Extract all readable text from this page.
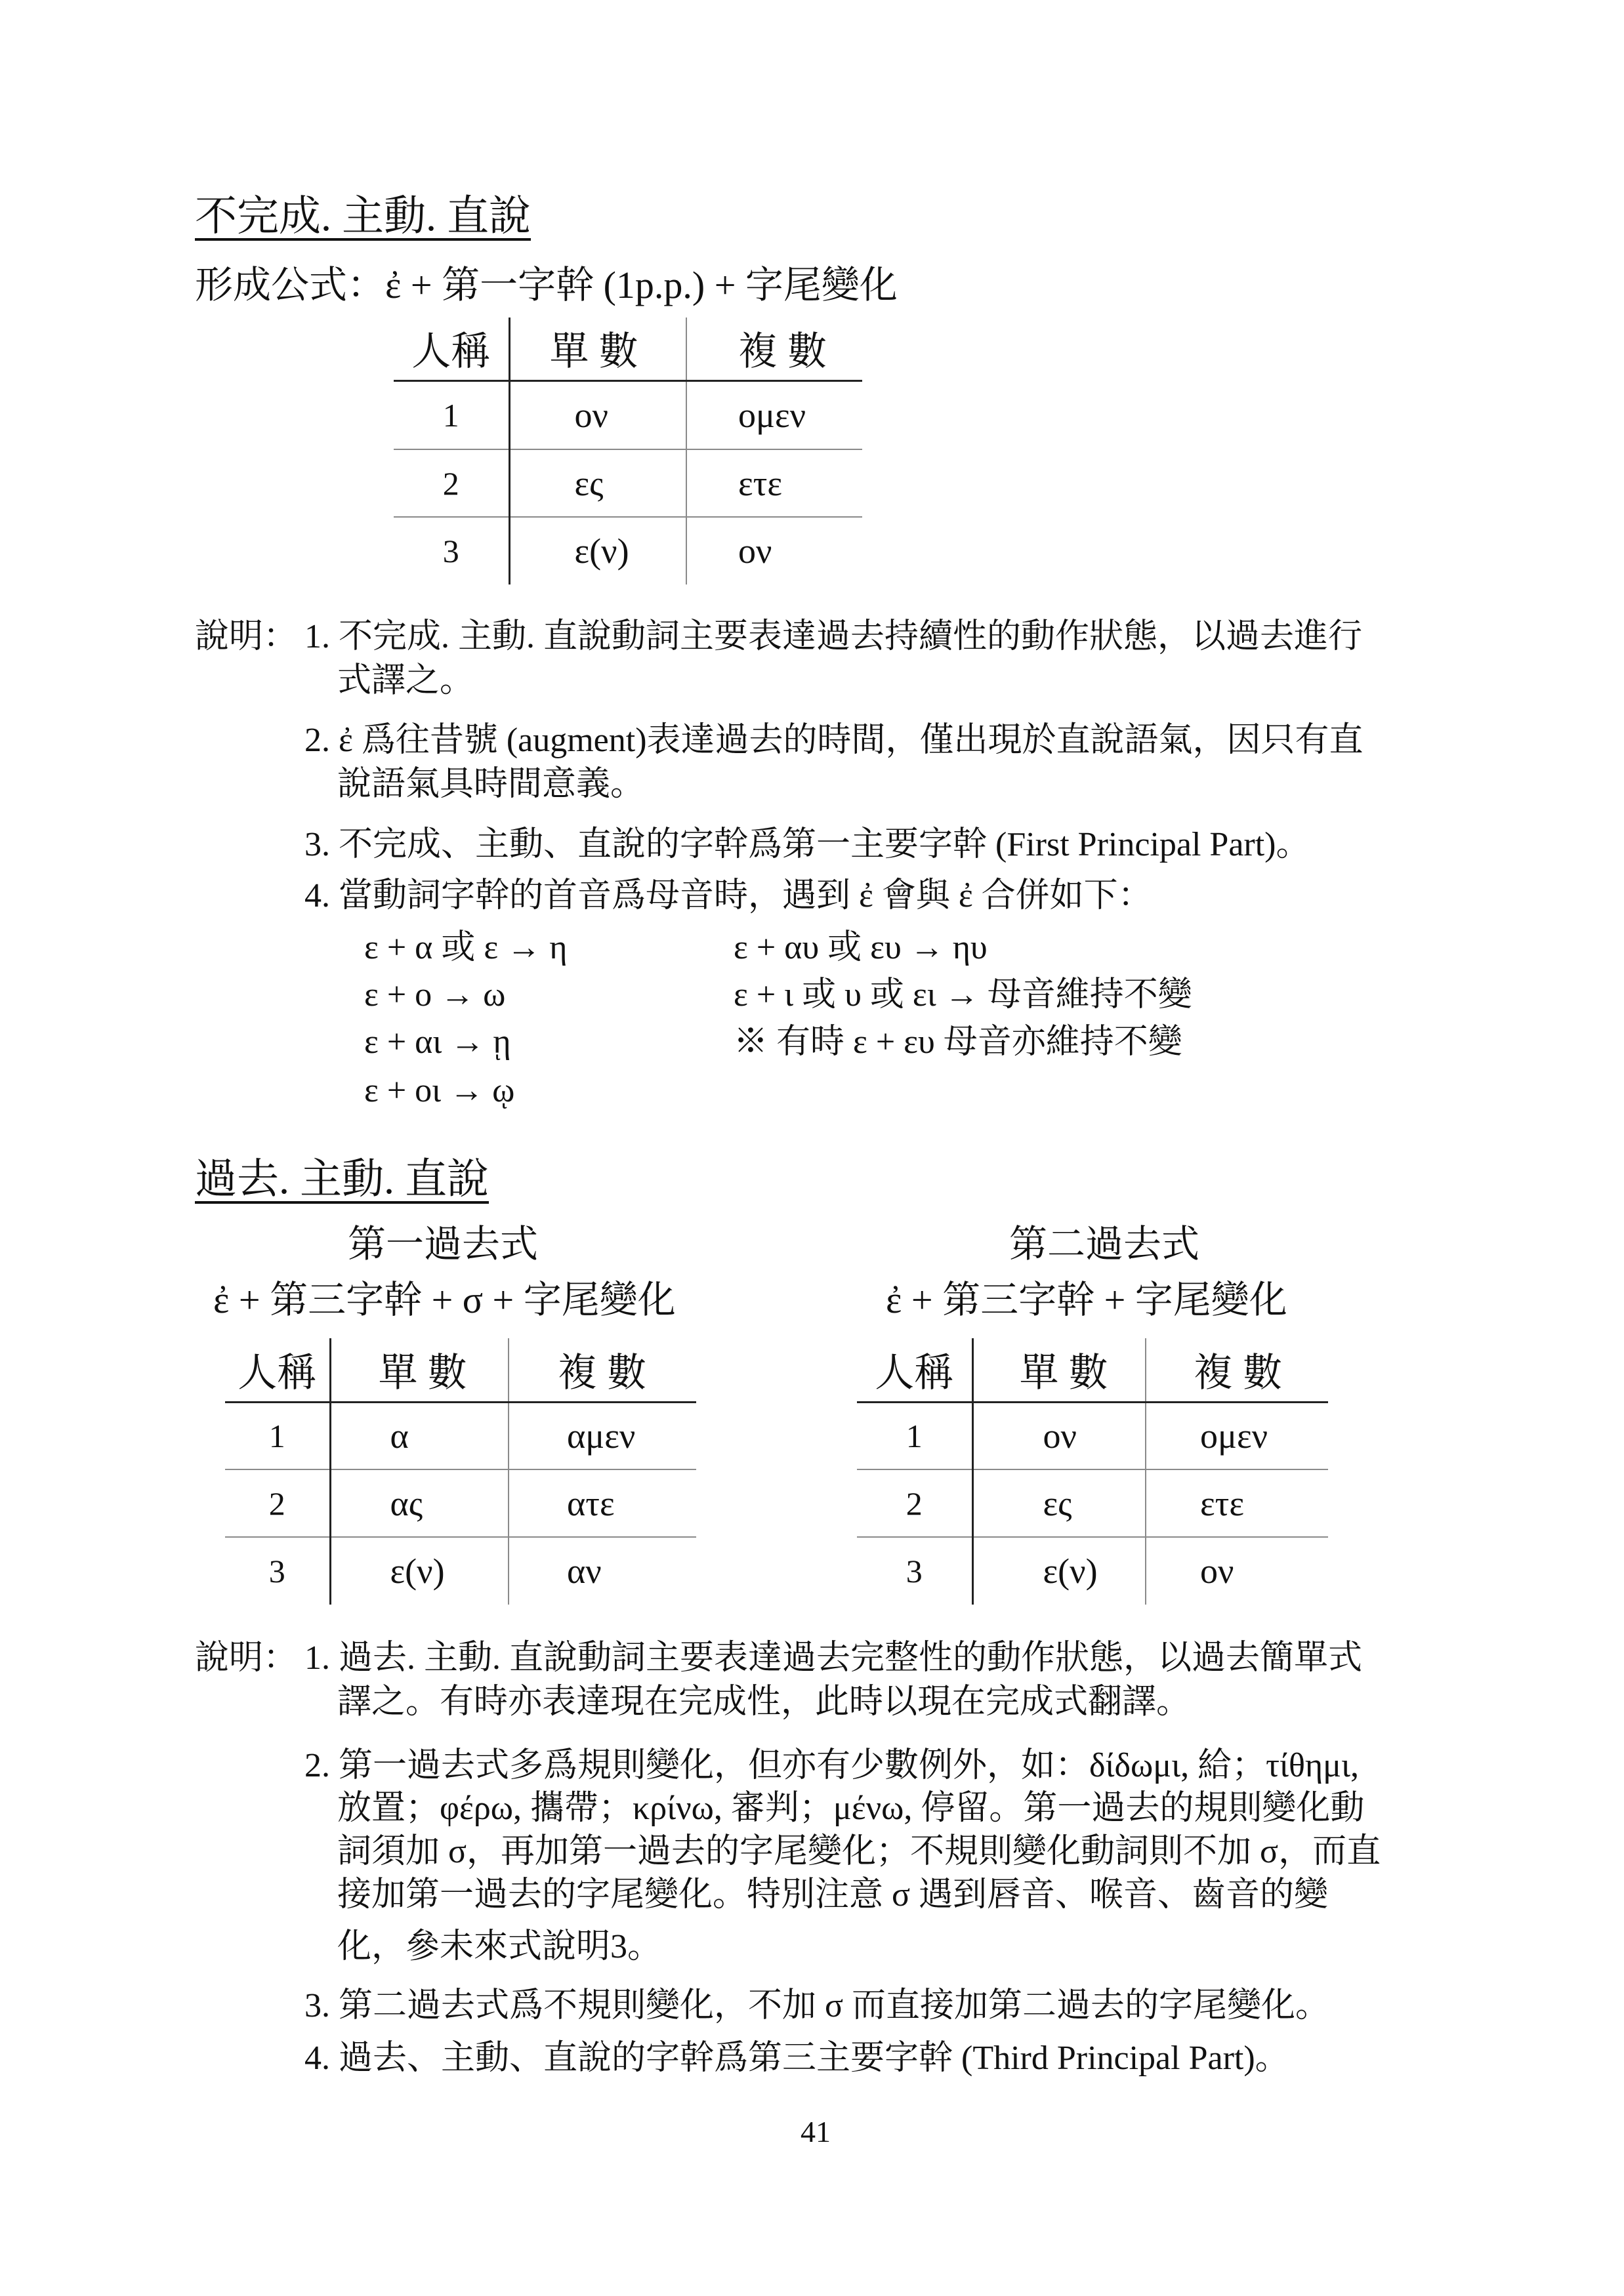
不完成. 主動. 直說
形成公式：ἐ + 第一字幹 (1p.p.) + 字尾變化
人稱	單 數	複 數
1	ον	ομεν
2	ες	ετε
3	ε(ν)	ον
說明： 1. 不完成. 主動. 直說動詞主要表達過去持續性的動作狀態，以過去進行
式譯之。
2. ἐ 爲往昔號 (augment)表達過去的時間，僅出現於直說語氣，因只有直
說語氣具時間意義。
3. 不完成、主動、直說的字幹爲第一主要字幹 (First Principal Part)。
4. 當動詞字幹的首音爲母音時，遇到 ἐ 會與 ἐ 合併如下：
ε + α 或 ε → η
ε + ο → ω
ε + αι → ῃ
ε + οι → ῳ
ε + αυ 或 ευ → ηυ
ε + ι 或 υ 或 ει → 母音維持不變
※ 有時 ε + ευ 母音亦維持不變
過去. 主動. 直說
第一過去式	第二過去式
ἐ + 第三字幹 + σ + 字尾變化	ἐ + 第三字幹 + 字尾變化
人稱	單 數	複 數
1	α	αμεν
2	ας	ατε
3	ε(ν)	αν
人稱	單 數	複 數
1	ον	ομεν
2	ες	ετε
3	ε(ν)	ον
說明： 1. 過去. 主動. 直說動詞主要表達過去完整性的動作狀態，以過去簡單式
譯之。有時亦表達現在完成性，此時以現在完成式翻譯。
2. 第一過去式多爲規則變化，但亦有少數例外，如：δίδωμι, 給；τίθημι,
放置；φέρω, 攜帶；κρίνω, 審判；μένω, 停留。第一過去的規則變化動
詞須加 σ，再加第一過去的字尾變化；不規則變化動詞則不加 σ，而直
接加第一過去的字尾變化。特別注意 σ 遇到唇音、喉音、齒音的變
化，參未來式說明3。
3. 第二過去式爲不規則變化，不加 σ 而直接加第二過去的字尾變化。
4. 過去、主動、直說的字幹爲第三主要字幹 (Third Principal Part)。
41
